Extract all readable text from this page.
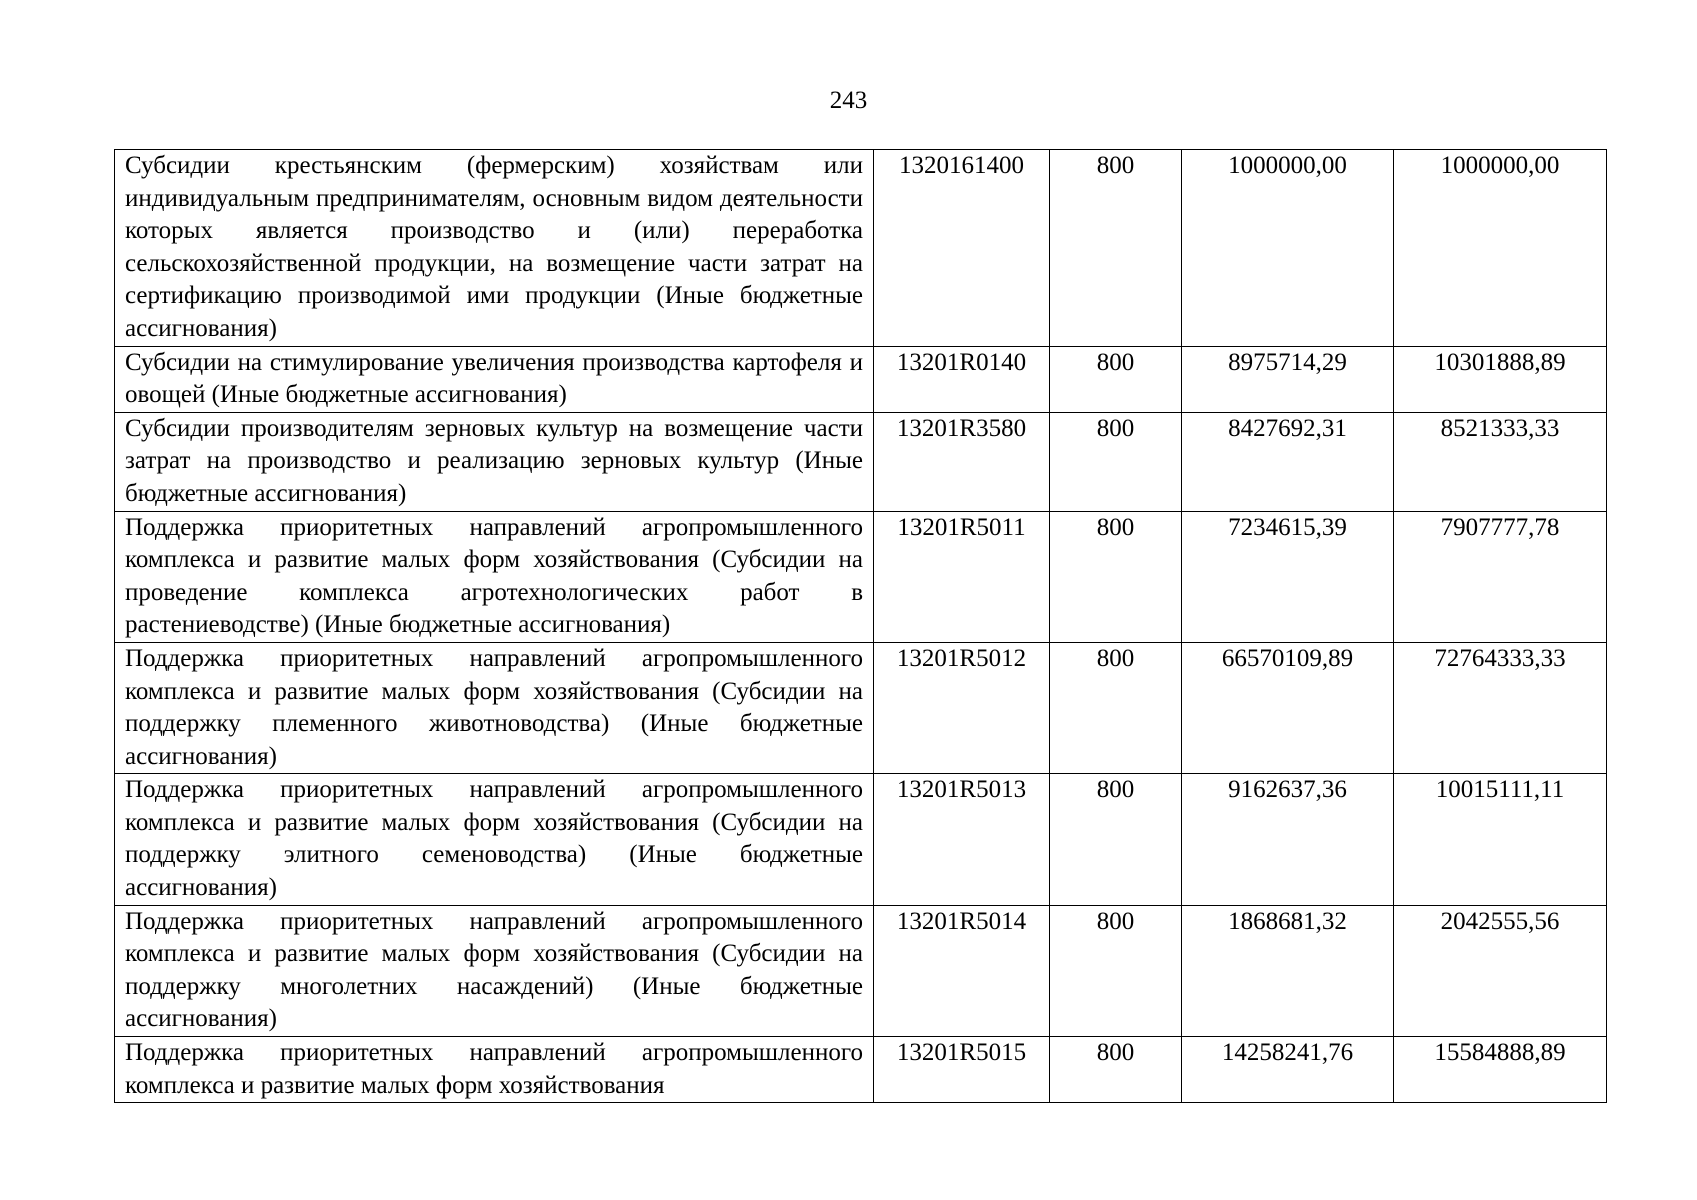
243
Субсидии крестьянским (фермерским) хозяйствам или индивидуальным предпринимателям, основным видом деятельности которых является производство и (или) переработка сельскохозяйственной продукции, на возмещение части затрат на сертификацию производимой ими продукции (Иные бюджетные ассигнования)	1320161400	800	1000000,00	1000000,00

Субсидии на стимулирование увеличения производства картофеля и овощей (Иные бюджетные ассигнования)	13201R0140	800	8975714,29	10301888,89

Субсидии производителям зерновых культур на возмещение части затрат на производство и реализацию зерновых культур (Иные бюджетные ассигнования)	13201R3580	800	8427692,31	8521333,33

Поддержка приоритетных направлений агропромышленного комплекса и развитие малых форм хозяйствования (Субсидии на проведение комплекса агротехнологических работ в растениеводстве) (Иные бюджетные ассигнования)	13201R5011	800	7234615,39	7907777,78

Поддержка приоритетных направлений агропромышленного комплекса и развитие малых форм хозяйствования (Субсидии на поддержку племенного животноводства) (Иные бюджетные ассигнования)	13201R5012	800	66570109,89	72764333,33

Поддержка приоритетных направлений агропромышленного комплекса и развитие малых форм хозяйствования (Субсидии на поддержку элитного семеноводства) (Иные бюджетные ассигнования)	13201R5013	800	9162637,36	10015111,11

Поддержка приоритетных направлений агропромышленного комплекса и развитие малых форм хозяйствования (Субсидии на поддержку многолетних насаждений) (Иные бюджетные ассигнования)	13201R5014	800	1868681,32	2042555,56

Поддержка приоритетных направлений агропромышленного комплекса и развитие малых форм хозяйствования	13201R5015	800	14258241,76	15584888,89
